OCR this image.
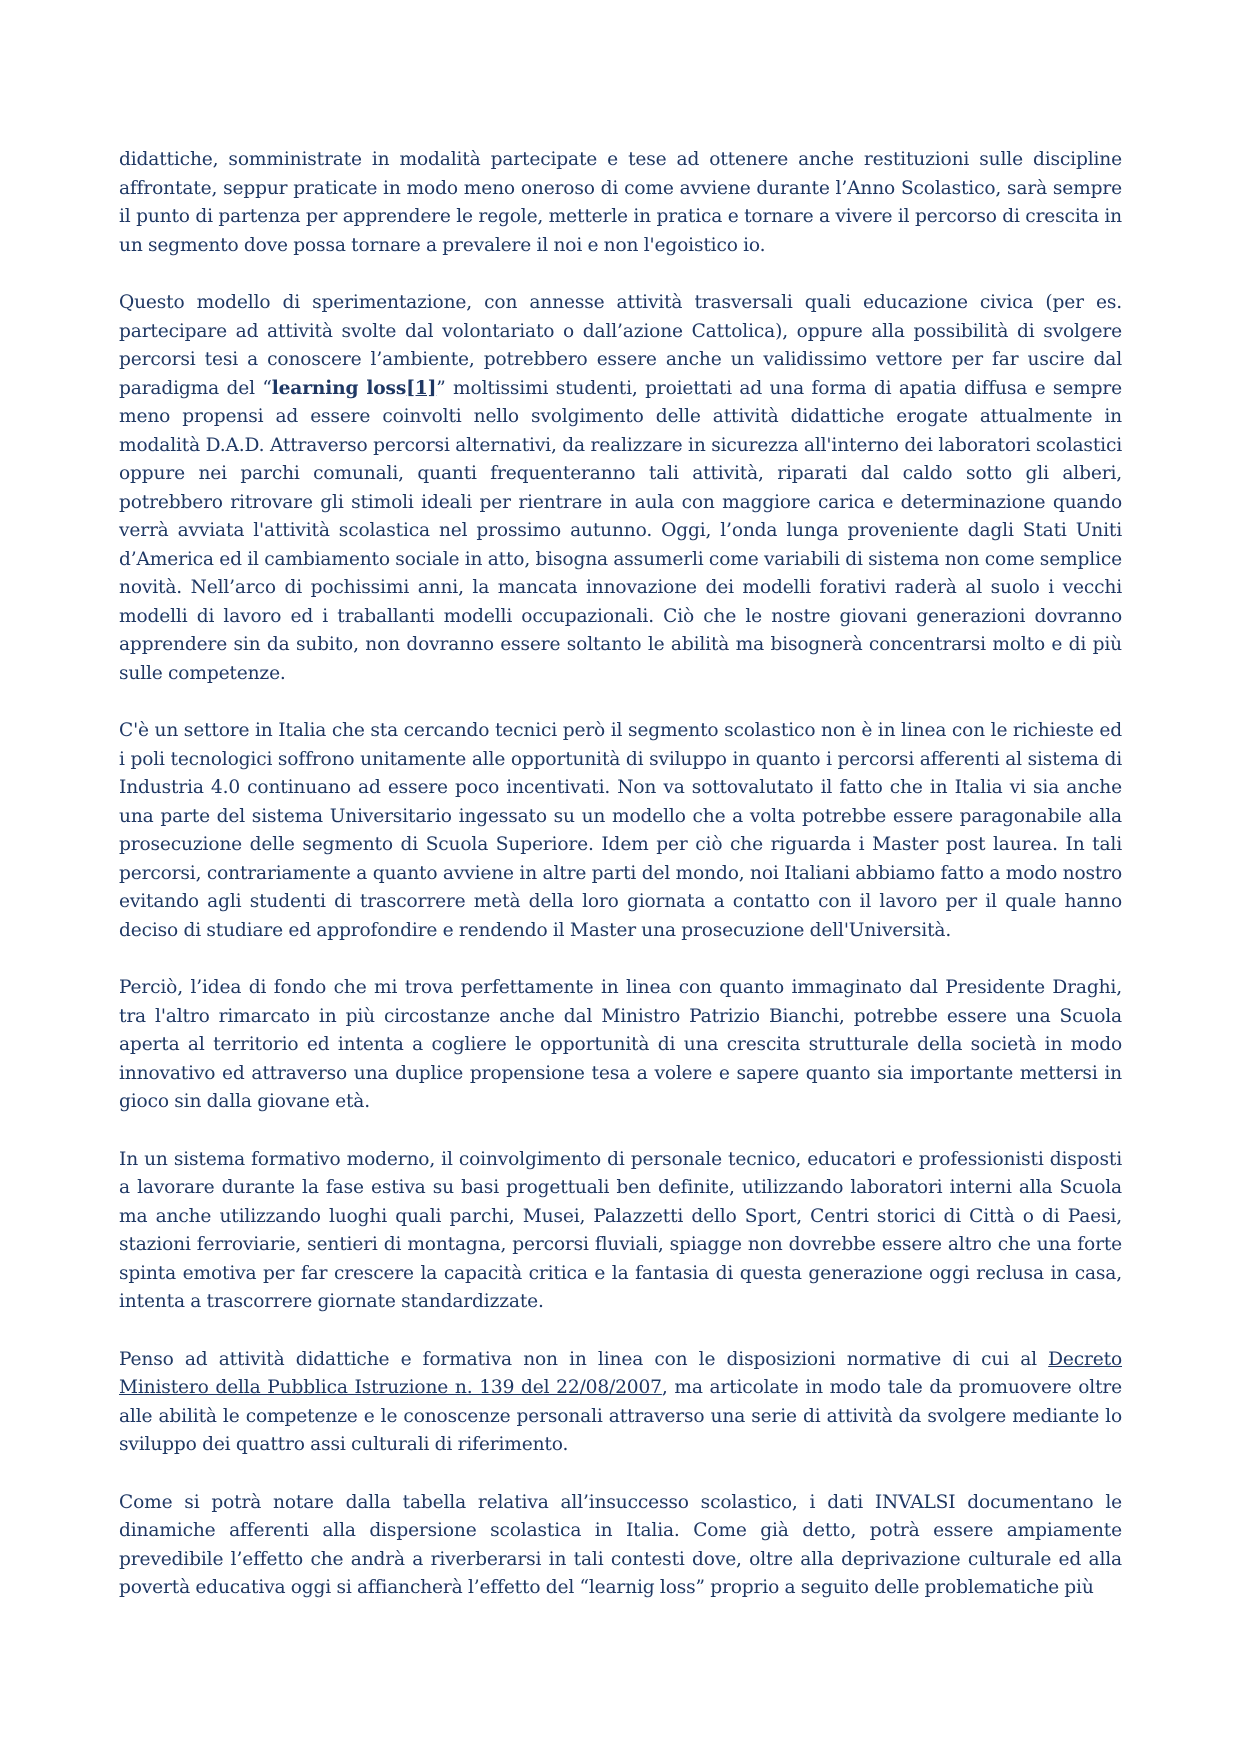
didattiche, somministrate in modalità partecipate e tese ad ottenere anche restituzioni sulle discipline affrontate, seppur praticate in modo meno oneroso di come avviene durante l’Anno Scolastico, sarà sempre il punto di partenza per apprendere le regole, metterle in pratica e tornare a vivere il percorso di crescita in un segmento dove possa tornare a prevalere il noi e non l'egoistico io.

Questo modello di sperimentazione, con annesse attività trasversali quali educazione civica (per es. partecipare ad attività svolte dal volontariato o dall’azione Cattolica), oppure alla possibilità di svolgere percorsi tesi a conoscere l’ambiente, potrebbero essere anche un validissimo vettore per far uscire dal paradigma del “learning loss[1]” moltissimi studenti, proiettati ad una forma di apatia diffusa e sempre meno propensi ad essere coinvolti nello svolgimento delle attività didattiche erogate attualmente in modalità D.A.D. Attraverso percorsi alternativi, da realizzare in sicurezza all'interno dei laboratori scolastici oppure nei parchi comunali, quanti frequenteranno tali attività, riparati dal caldo sotto gli alberi, potrebbero ritrovare gli stimoli ideali per rientrare in aula con maggiore carica e determinazione quando verrà avviata l'attività scolastica nel prossimo autunno. Oggi, l’onda lunga proveniente dagli Stati Uniti d’America ed il cambiamento sociale in atto, bisogna assumerli come variabili di sistema non come semplice novità. Nell’arco di pochissimi anni, la mancata innovazione dei modelli forativi raderà al suolo i vecchi modelli di lavoro ed i traballanti modelli occupazionali. Ciò che le nostre giovani generazioni dovranno apprendere sin da subito, non dovranno essere soltanto le abilità ma bisognerà concentrarsi molto e di più sulle competenze.

C'è un settore in Italia che sta cercando tecnici però il segmento scolastico non è in linea con le richieste ed i poli tecnologici soffrono unitamente alle opportunità di sviluppo in quanto i percorsi afferenti al sistema di Industria 4.0 continuano ad essere poco incentivati. Non va sottovalutato il fatto che in Italia vi sia anche una parte del sistema Universitario ingessato su un modello che a volta potrebbe essere paragonabile alla prosecuzione delle segmento di Scuola Superiore. Idem per ciò che riguarda i Master post laurea. In tali percorsi, contrariamente a quanto avviene in altre parti del mondo, noi Italiani abbiamo fatto a modo nostro evitando agli studenti di trascorrere metà della loro giornata a contatto con il lavoro per il quale hanno deciso di studiare ed approfondire e rendendo il Master una prosecuzione dell'Università.

Perciò, l’idea di fondo che mi trova perfettamente in linea con quanto immaginato dal Presidente Draghi, tra l'altro rimarcato in più circostanze anche dal Ministro Patrizio Bianchi, potrebbe essere una Scuola aperta al territorio ed intenta a cogliere le opportunità di una crescita strutturale della società in modo innovativo ed attraverso una duplice propensione tesa a volere e sapere quanto sia importante mettersi in gioco sin dalla giovane età.

In un sistema formativo moderno, il coinvolgimento di personale tecnico, educatori e professionisti disposti a lavorare durante la fase estiva su basi progettuali ben definite, utilizzando laboratori interni alla Scuola ma anche utilizzando luoghi quali parchi, Musei, Palazzetti dello Sport, Centri storici di Città o di Paesi, stazioni ferroviarie, sentieri di montagna, percorsi fluviali, spiagge non dovrebbe essere altro che una forte spinta emotiva per far crescere la capacità critica e la fantasia di questa generazione oggi reclusa in casa, intenta a trascorrere giornate standardizzate.

Penso ad attività didattiche e formativa non in linea con le disposizioni normative di cui al Decreto Ministero della Pubblica Istruzione n. 139 del 22/08/2007, ma articolate in modo tale da promuovere oltre alle abilità le competenze e le conoscenze personali attraverso una serie di attività da svolgere mediante lo sviluppo dei quattro assi culturali di riferimento.

Come si potrà notare dalla tabella relativa all’insuccesso scolastico, i dati INVALSI documentano le dinamiche afferenti alla dispersione scolastica in Italia. Come già detto, potrà essere ampiamente prevedibile l’effetto che andrà a riverberarsi in tali contesti dove, oltre alla deprivazione culturale ed alla povertà educativa oggi si affiancherà l’effetto del “learnig loss” proprio a seguito delle problematiche più
